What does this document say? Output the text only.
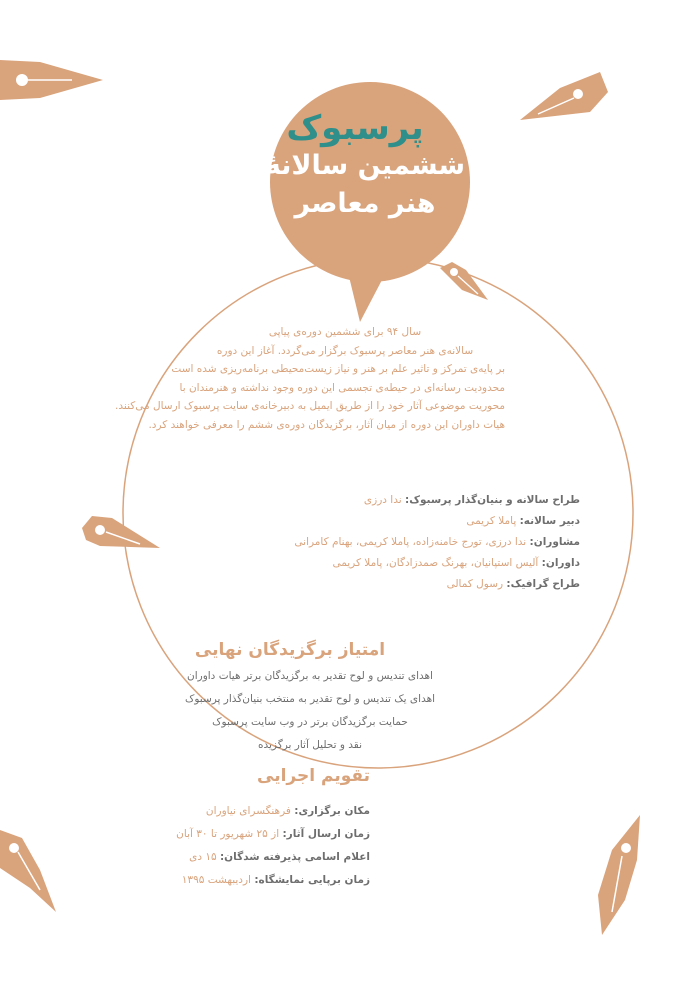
پرسبوک
ششمین سالانهٔ
هنر معاصر
سال ۹۴ برای ششمین دوره‌ی پیاپی
سالانه‌ی هنر معاصر پرسبوک برگزار می‌گردد. آغاز این دوره
بر پایه‌ی تمرکز و تاثیر علم بر هنر و نیاز زیست‌محیطی برنامه‌ریزی شده است
محدودیت رسانه‌ای در حیطه‌ی تجسمی این دوره وجود نداشته و هنرمندان با
محوریت موضوعی آثار خود را از طریق ایمیل به دبیرخانه‌ی سایت پرسبوک ارسال می‌کنند.
هیات داوران این دوره از میان آثار، برگزیدگان دوره‌ی ششم را معرفی خواهند کرد.
طراح سالانه و بنیان‌گذار پرسبوک: ندا درزی
دبیر سالانه: پاملا کریمی
مشاوران: ندا درزی، تورج خامنه‌زاده، پاملا کریمی، بهنام کامرانی
داوران: آلیس استپانیان، بهرنگ صمدزادگان، پاملا کریمی
طراح گرافیک: رسول کمالی
امتیاز برگزیدگان نهایی
اهدای تندیس و لوح تقدیر به برگزیدگان برتر هیات داوران
اهدای یک تندیس و لوح تقدیر به منتخب بنیان‌گذار پرسبوک
حمایت برگزیدگان برتر در وب سایت پرسبوک
نقد و تحلیل آثار برگزیده
تقویم اجرایی
مکان برگزاری: فرهنگسرای نیاوران
زمان ارسال آثار: از ۲۵ شهریور تا ۳۰ آبان
اعلام اسامی پذیرفته شدگان: ۱۵ دی
زمان برپایی نمایشگاه: اردیبهشت ۱۳۹۵
